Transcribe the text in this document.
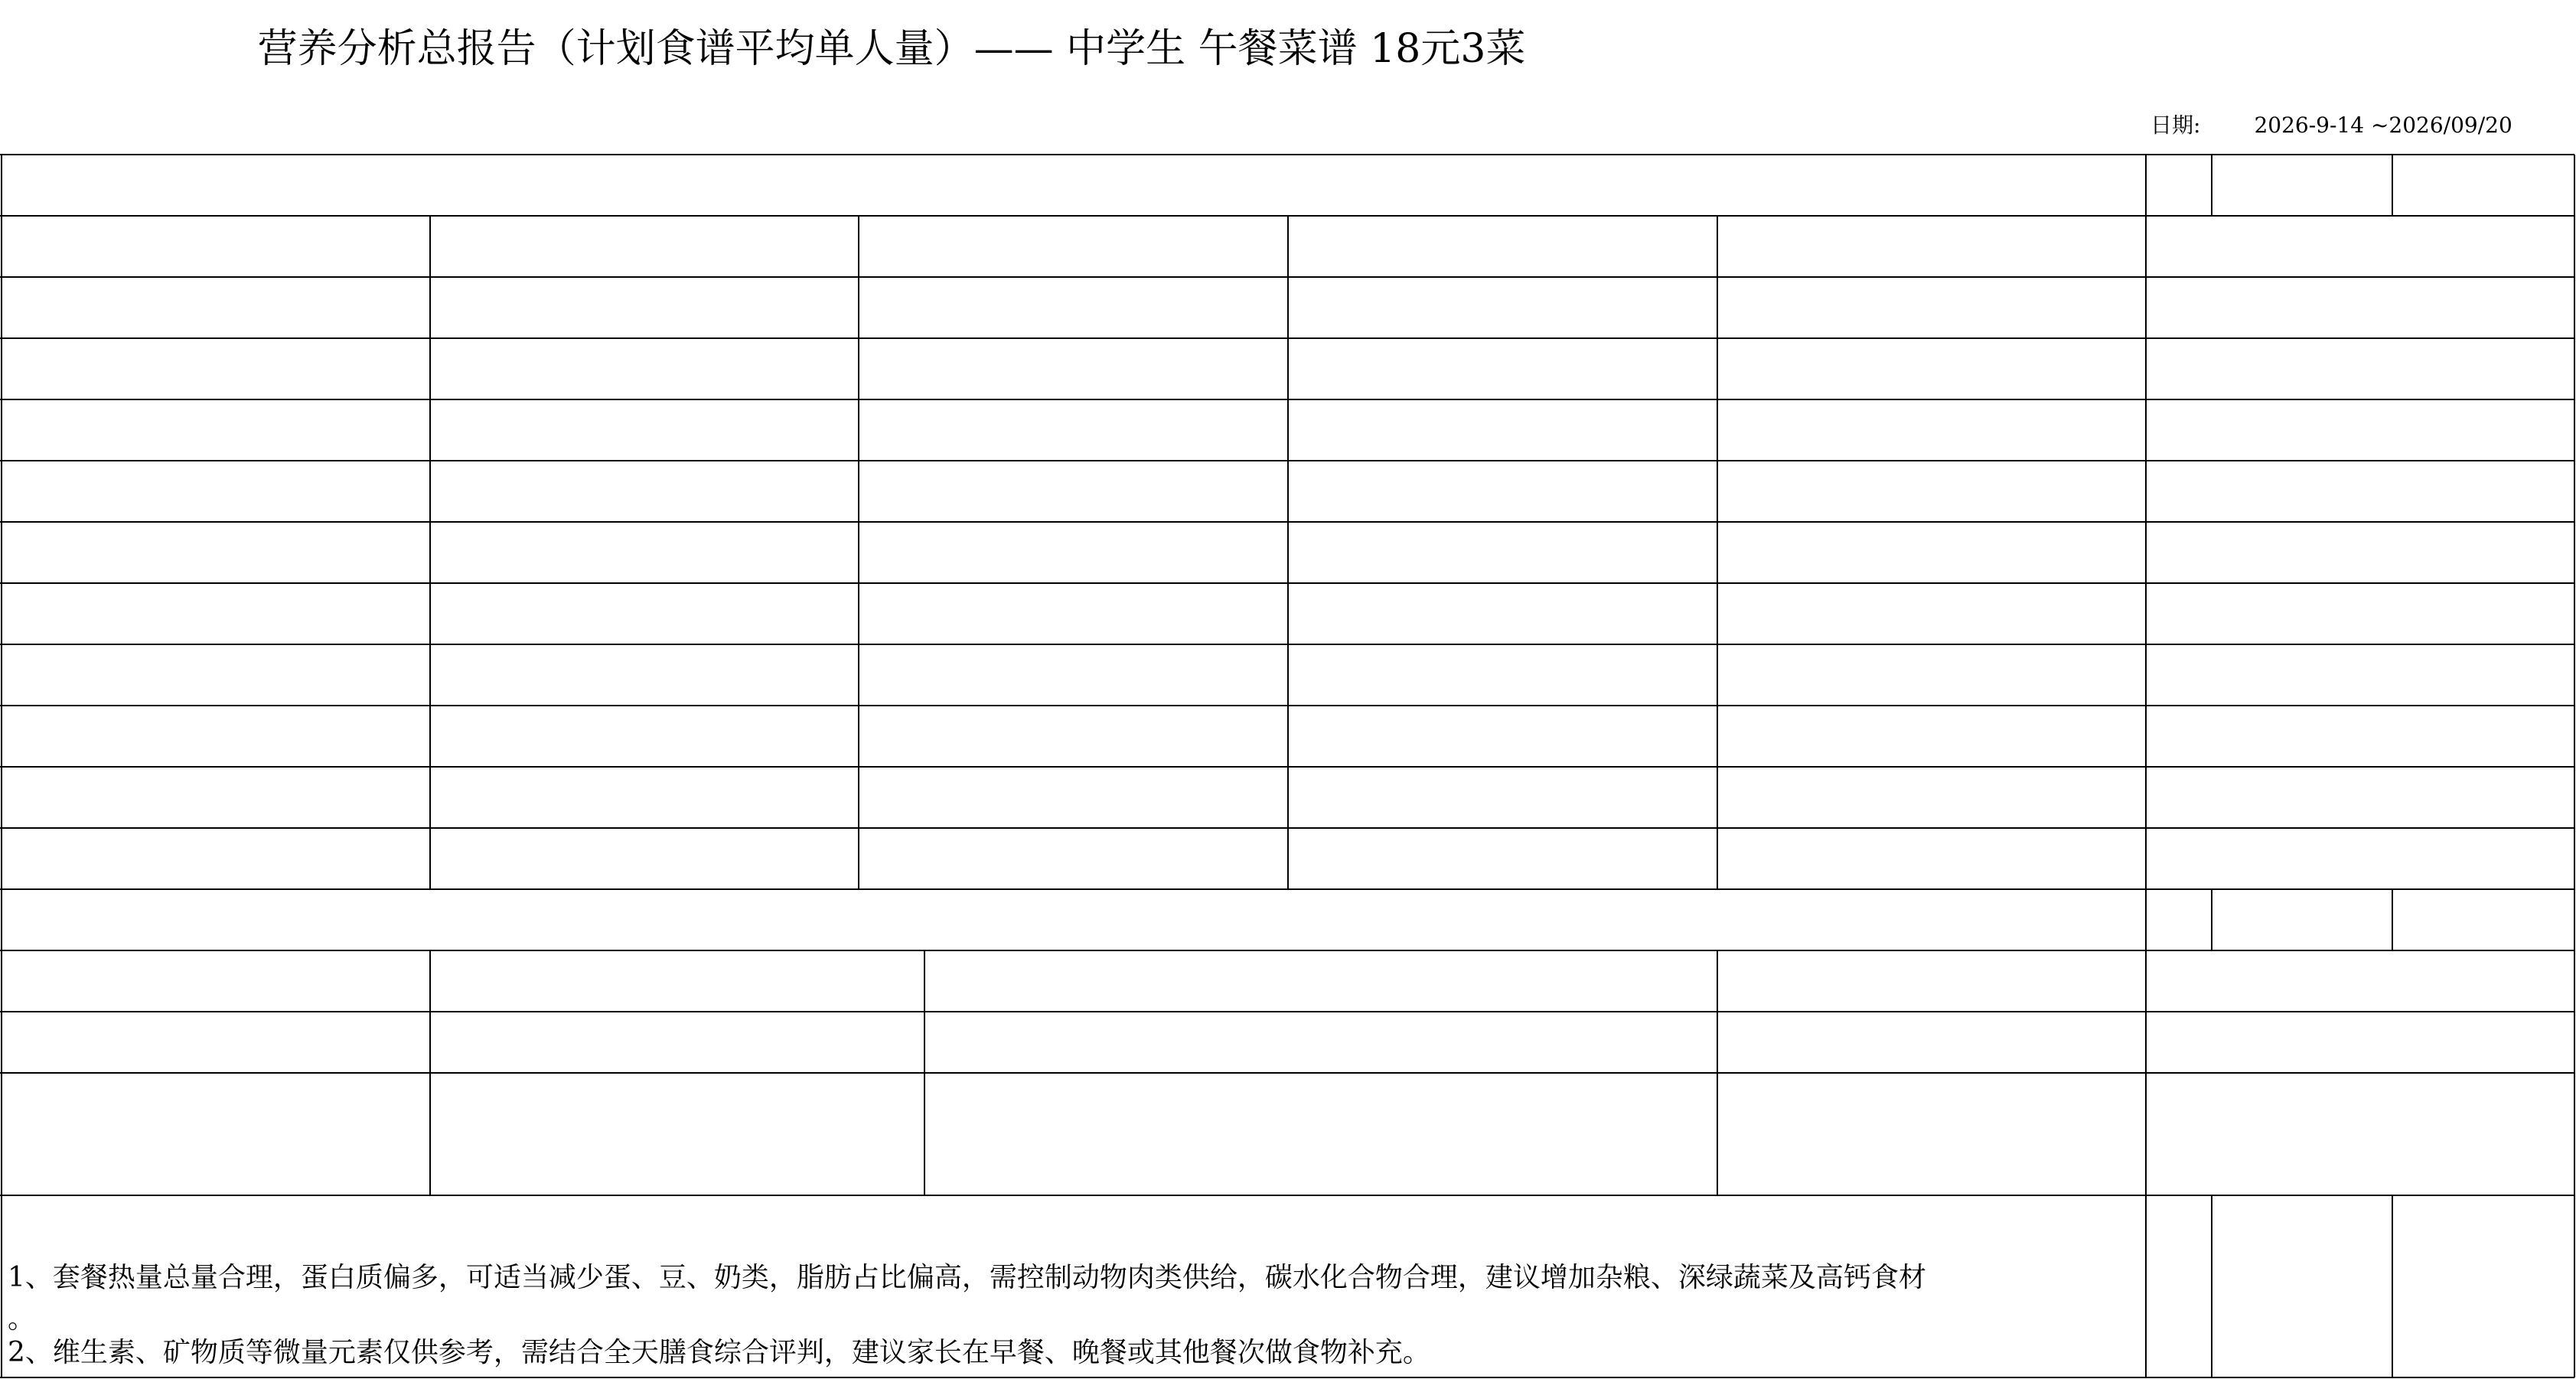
营养分析总报告（计划食谱平均单人量）—— 中学生 午餐菜谱 18元3菜
日期:	2026-9-14 ~2026/09/20
1、套餐热量总量合理，蛋白质偏多，可适当减少蛋、豆、奶类，脂肪占比偏高，需控制动物肉类供给，碳水化合物合理，建议增加杂粮、深绿蔬菜及高钙食材
。
2、维生素、矿物质等微量元素仅供参考，需结合全天膳食综合评判，建议家长在早餐、晚餐或其他餐次做食物补充。
